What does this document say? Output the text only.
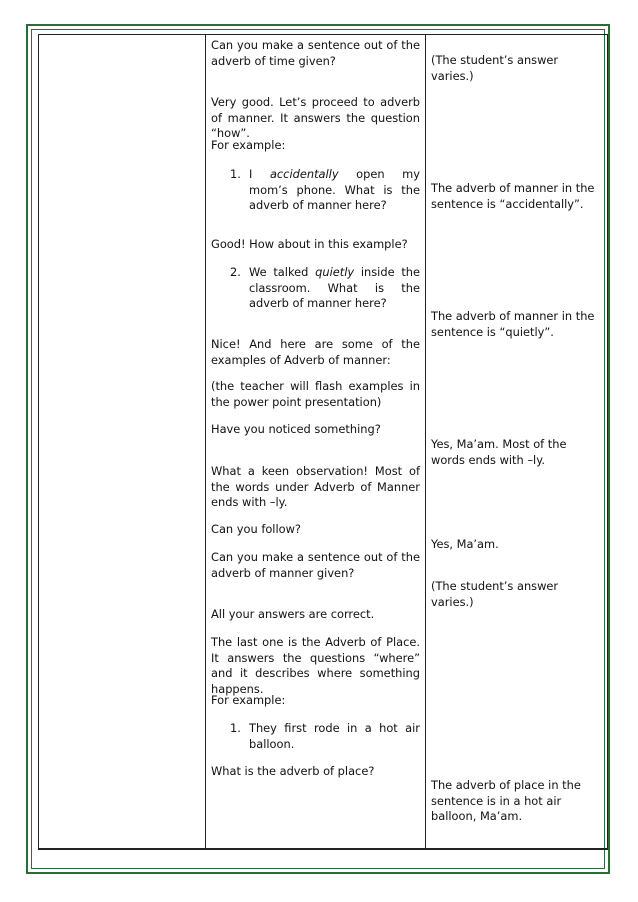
Can you make a sentence out of the adverb of time given?
Very good. Let’s proceed to adverb of manner. It answers the question “how”.
For example:
1. I accidentally open my mom’s phone. What is the adverb of manner here?
Good! How about in this example?
2. We talked quietly inside the classroom. What is the adverb of manner here?
Nice! And here are some of the examples of Adverb of manner:
(the teacher will flash examples in the power point presentation)
Have you noticed something?
What a keen observation! Most of the words under Adverb of Manner ends with –ly.
Can you follow?
Can you make a sentence out of the adverb of manner given?
All your answers are correct.
The last one is the Adverb of Place. It answers the questions “where” and it describes where something happens.
For example:
1. They first rode in a hot air balloon.
What is the adverb of place?
(The student’s answer varies.)
The adverb of manner in the sentence is “accidentally”.
The adverb of manner in the sentence is “quietly”.
Yes, Ma’am. Most of the words ends with –ly.
Yes, Ma’am.
(The student’s answer varies.)
The adverb of place in the sentence is in a hot air balloon, Ma’am.
